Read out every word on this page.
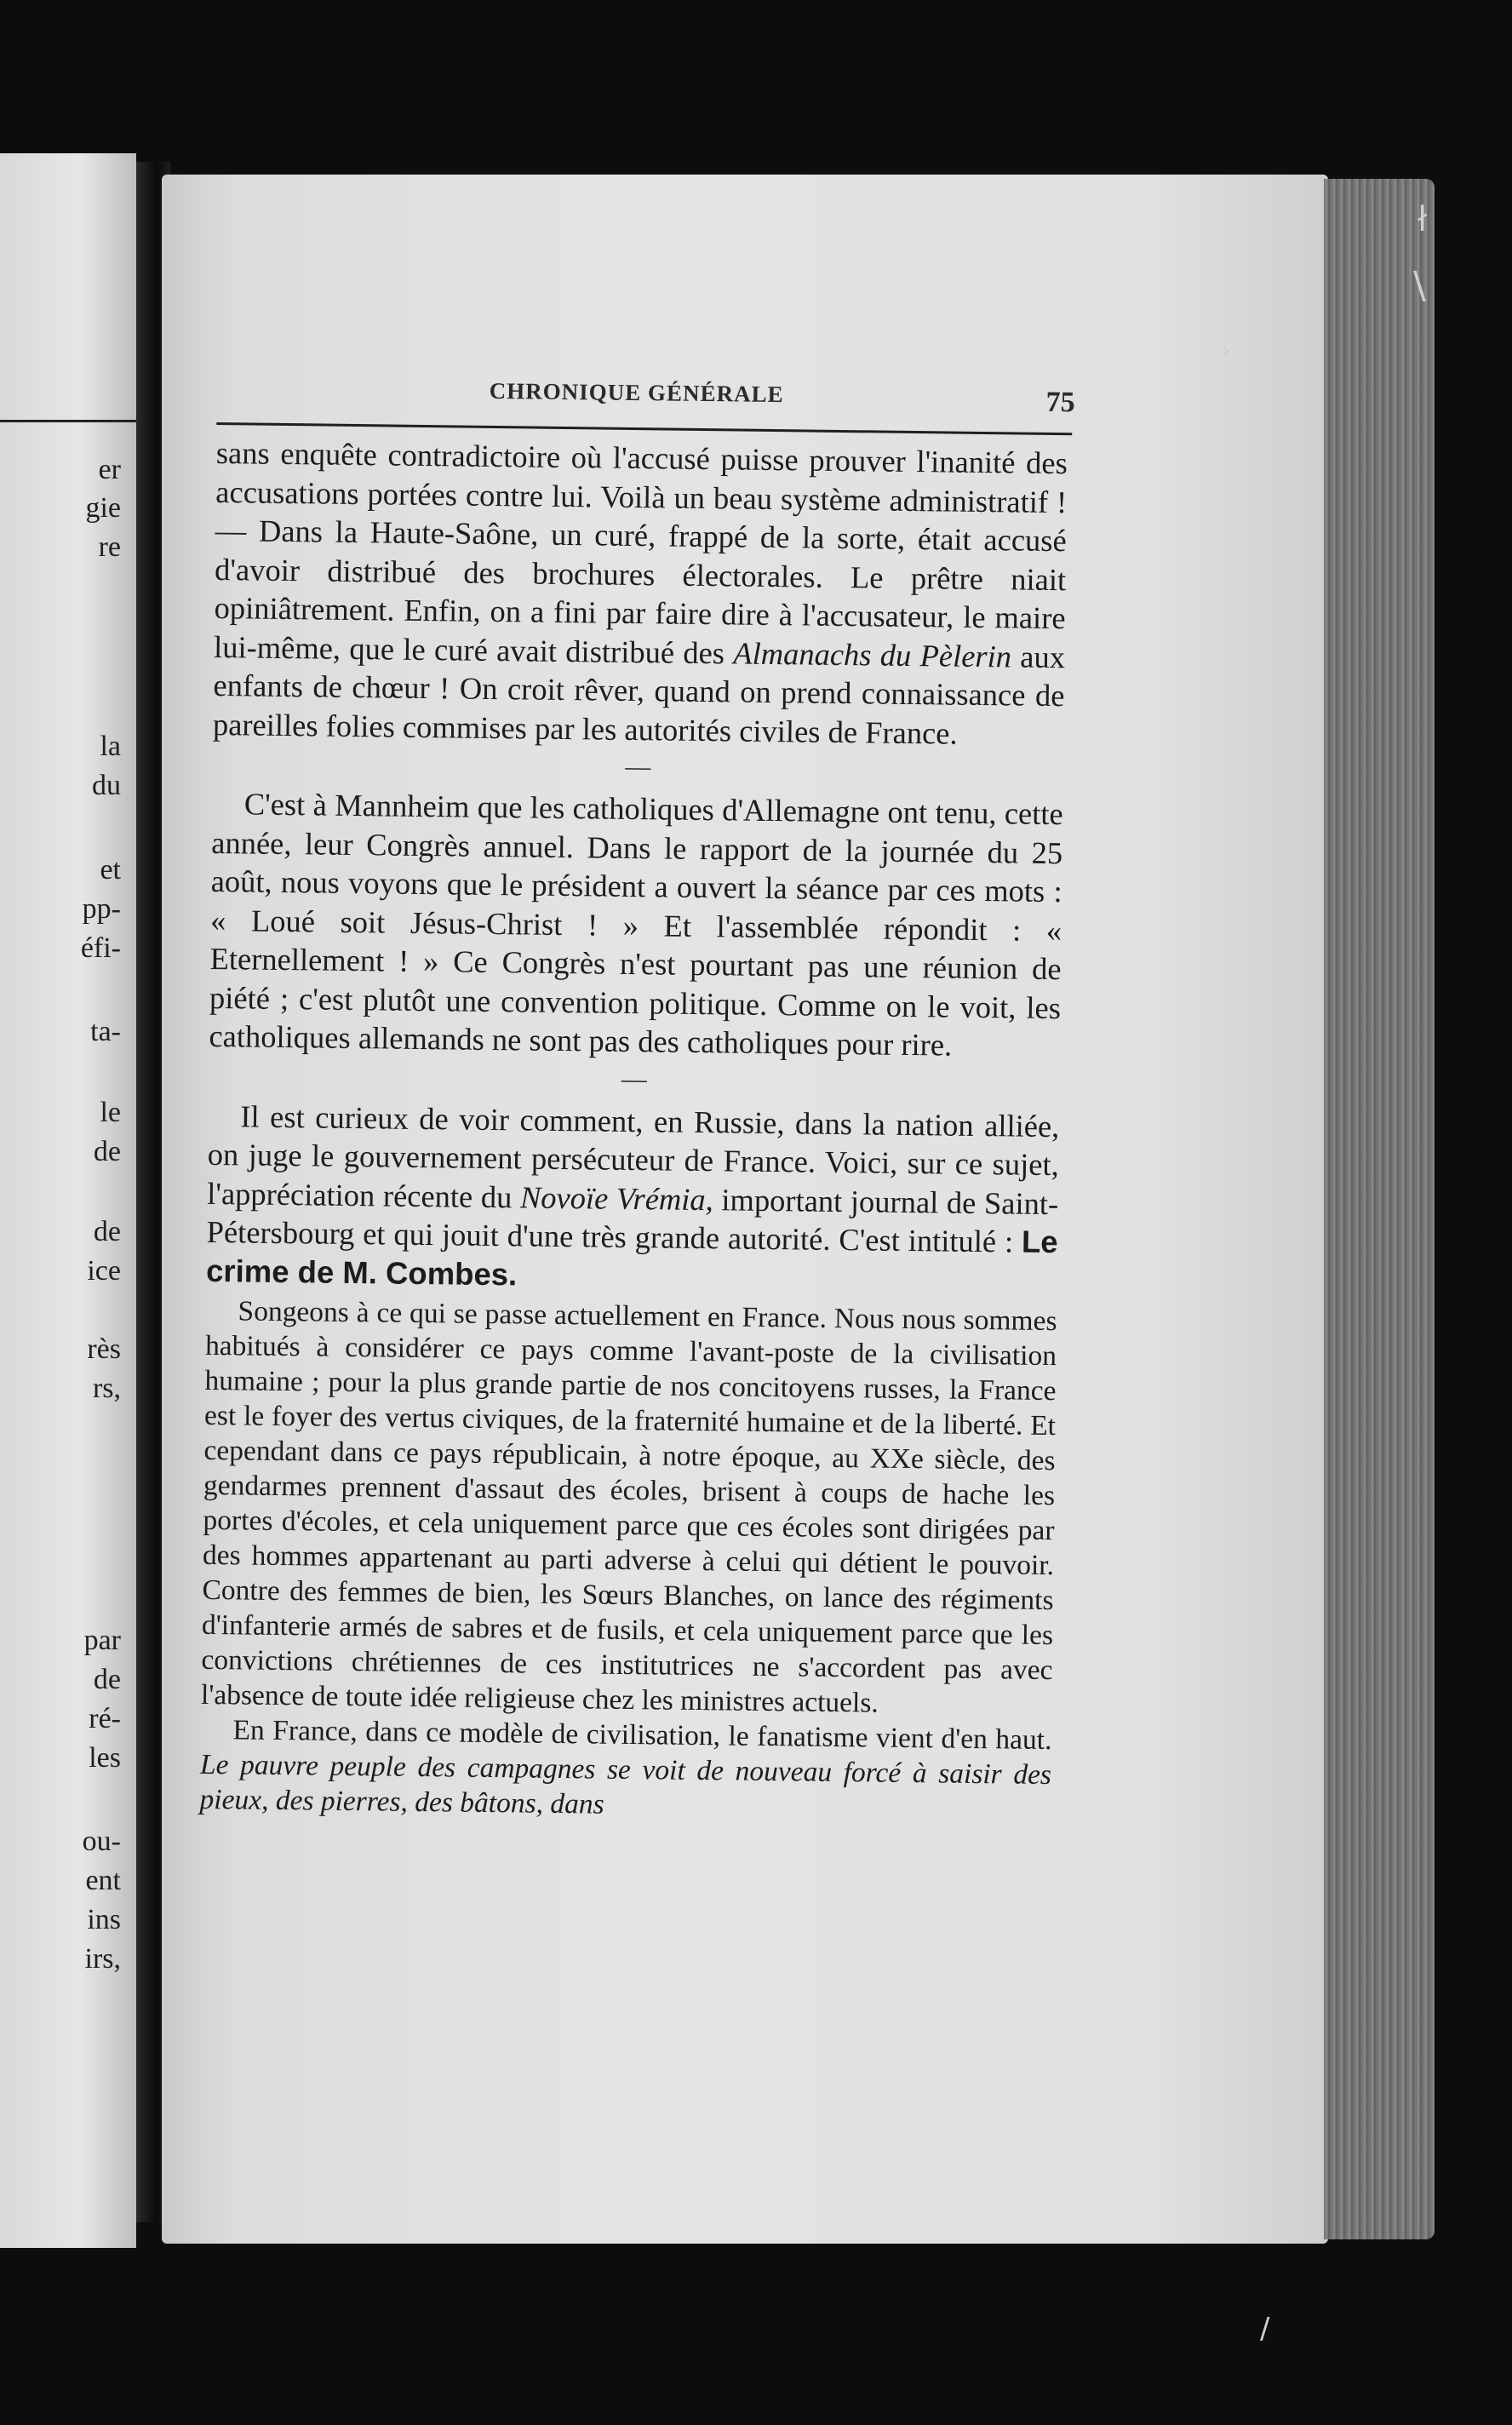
er
gie
re
la
du
et
pp-
éfi-
ta-
le
de
de
ice
rès
rs,
par
de
ré-
les
ou-
ent
ins
irs,
ł
\
›
/
CHRONIQUE GÉNÉRALE	75

sans enquête contradictoire où l'accusé puisse prouver l'inanité des accusations portées contre lui. Voilà un beau système administratif ! — Dans la Haute-Saône, un curé, frappé de la sorte, était accusé d'avoir distribué des brochures électorales. Le prêtre niait opiniâtrement. Enfin, on a fini par faire dire à l'accusateur, le maire lui-même, que le curé avait distribué des Almanachs du Pèlerin aux enfants de chœur ! On croit rêver, quand on prend connaissance de pareilles folies commises par les autorités civiles de France.

—

C'est à Mannheim que les catholiques d'Allemagne ont tenu, cette année, leur Congrès annuel. Dans le rapport de la journée du 25 août, nous voyons que le président a ouvert la séance par ces mots : « Loué soit Jésus-Christ ! » Et l'assemblée répondit : « Eternellement ! » Ce Congrès n'est pourtant pas une réunion de piété ; c'est plutôt une convention politique. Comme on le voit, les catholiques allemands ne sont pas des catholiques pour rire.

—

Il est curieux de voir comment, en Russie, dans la nation alliée, on juge le gouvernement persécuteur de France. Voici, sur ce sujet, l'appréciation récente du Novoïe Vrémia, important journal de Saint-Pétersbourg et qui jouit d'une très grande autorité. C'est intitulé : Le crime de M. Combes.

Songeons à ce qui se passe actuellement en France. Nous nous sommes habitués à considérer ce pays comme l'avant-poste de la civilisation humaine ; pour la plus grande partie de nos concitoyens russes, la France est le foyer des vertus civiques, de la fraternité humaine et de la liberté. Et cependant dans ce pays républicain, à notre époque, au XXe siècle, des gendarmes prennent d'assaut des écoles, brisent à coups de hache les portes d'écoles, et cela uniquement parce que ces écoles sont dirigées par des hommes appartenant au parti adverse à celui qui détient le pouvoir. Contre des femmes de bien, les Sœurs Blanches, on lance des régiments d'infanterie armés de sabres et de fusils, et cela uniquement parce que les convictions chrétiennes de ces institutrices ne s'accordent pas avec l'absence de toute idée religieuse chez les ministres actuels.

En France, dans ce modèle de civilisation, le fanatisme vient d'en haut. Le pauvre peuple des campagnes se voit de nouveau forcé à saisir des pieux, des pierres, des bâtons, dans
